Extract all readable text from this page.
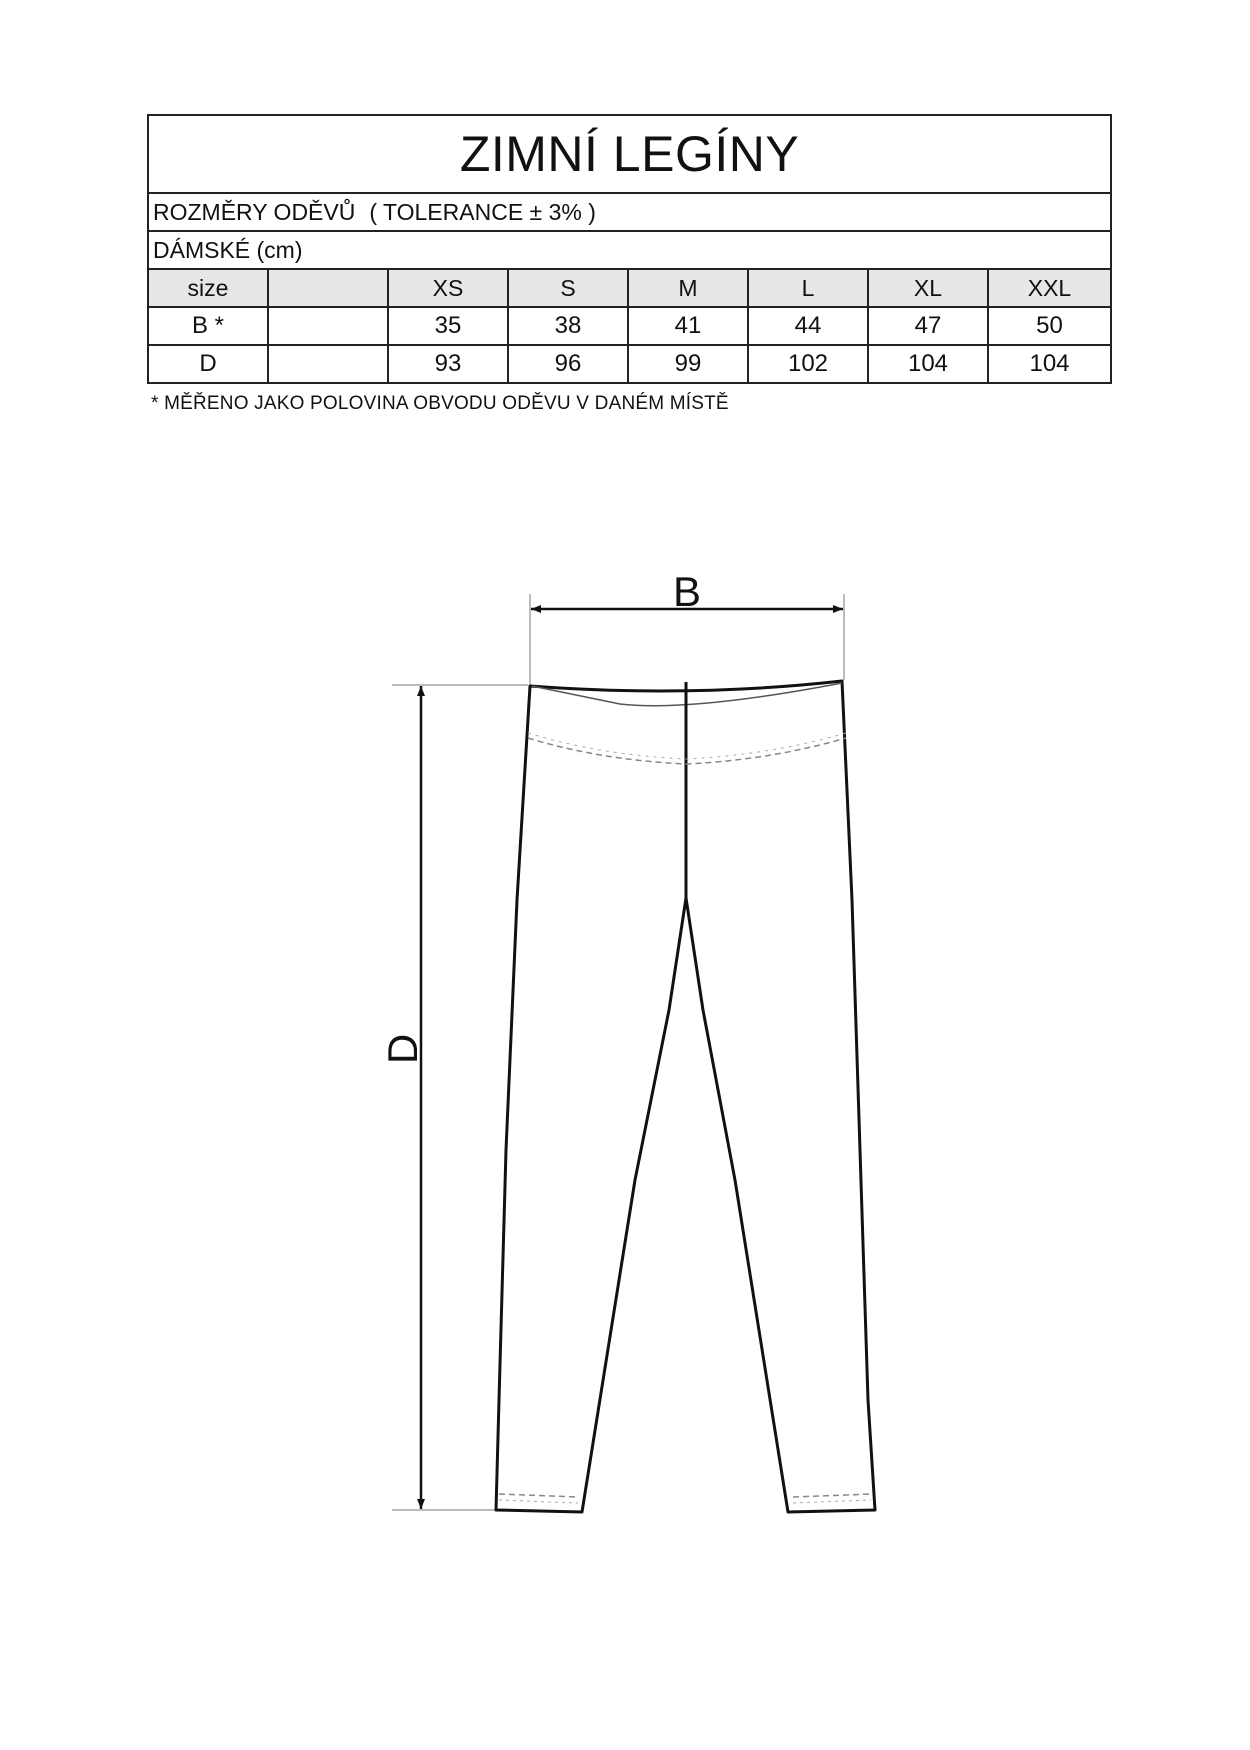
ZIMNÍ LEGÍNY							
ROZMĚRY ODĚVŮ ( TOLERANCE ± 3% )							
DÁMSKÉ (cm)							
size		XS	S	M	L	XL	XXL
B *		35	38	41	44	47	50
D		93	96	99	102	104	104
* MĚŘENO JAKO POLOVINA OBVODU ODĚVU V DANÉM MÍSTĚ
B
D
